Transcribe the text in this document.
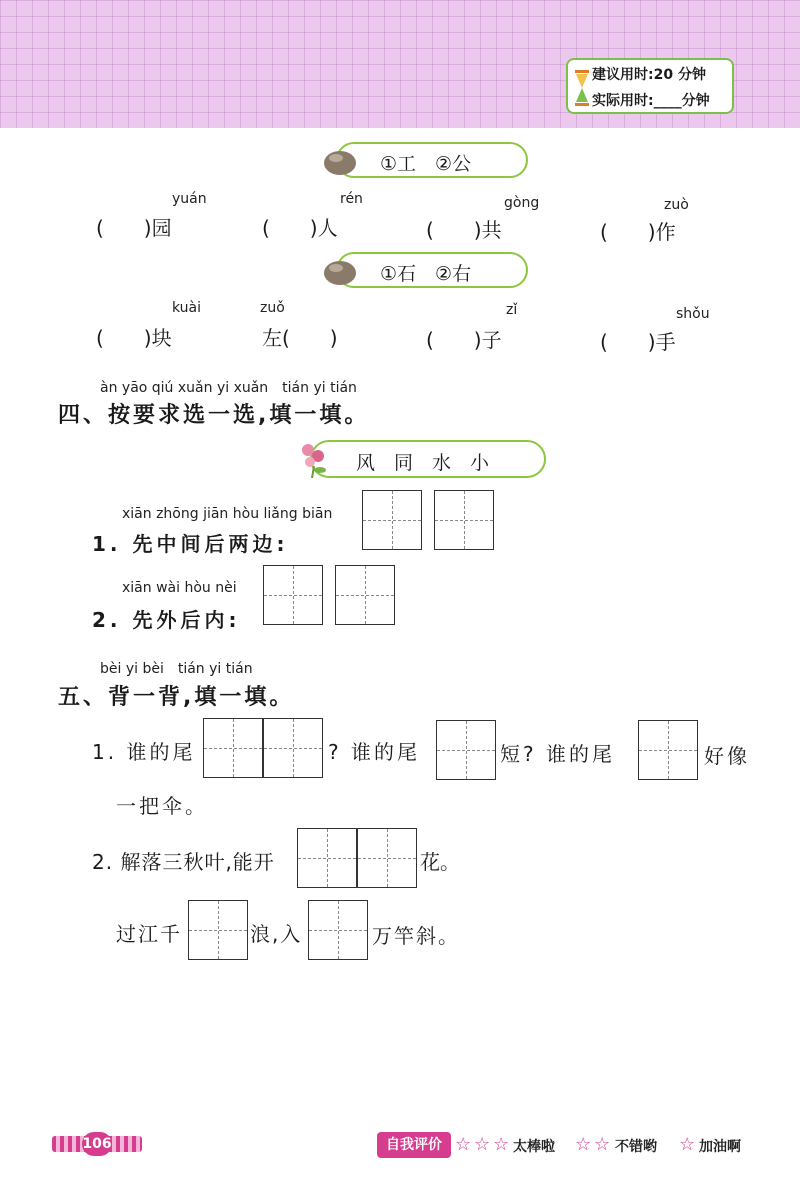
建议用时:20 分钟
实际用时:____分钟
①工　②公
yuán	rén	gòng	zuò
(　　)园	(　　)人	(　　)共	(　　)作
①石　②右
kuài	zuǒ	zǐ	shǒu
(　　)块	左(　　)	(　　)子	(　　)手
àn yāo qiú xuǎn yi xuǎn　tián yi tián
四、按要求选一选,填一填。
风　同　水　小
xiān zhōng jiān hòu liǎng biān
1. 先中间后两边:
xiān wài hòu nèi
2. 先外后内:
bèi yi bèi　tián yi tián
五、背一背,填一填。
1. 谁的尾	? 谁的尾	短? 谁的尾	好像
一把伞。
2. 解落三秋叶,能开	花。
过江千	浪,入	万竿斜。
106	自我评价 ☆ ☆ ☆ 太棒啦 ☆ ☆ 不错哟 ☆ 加油啊
